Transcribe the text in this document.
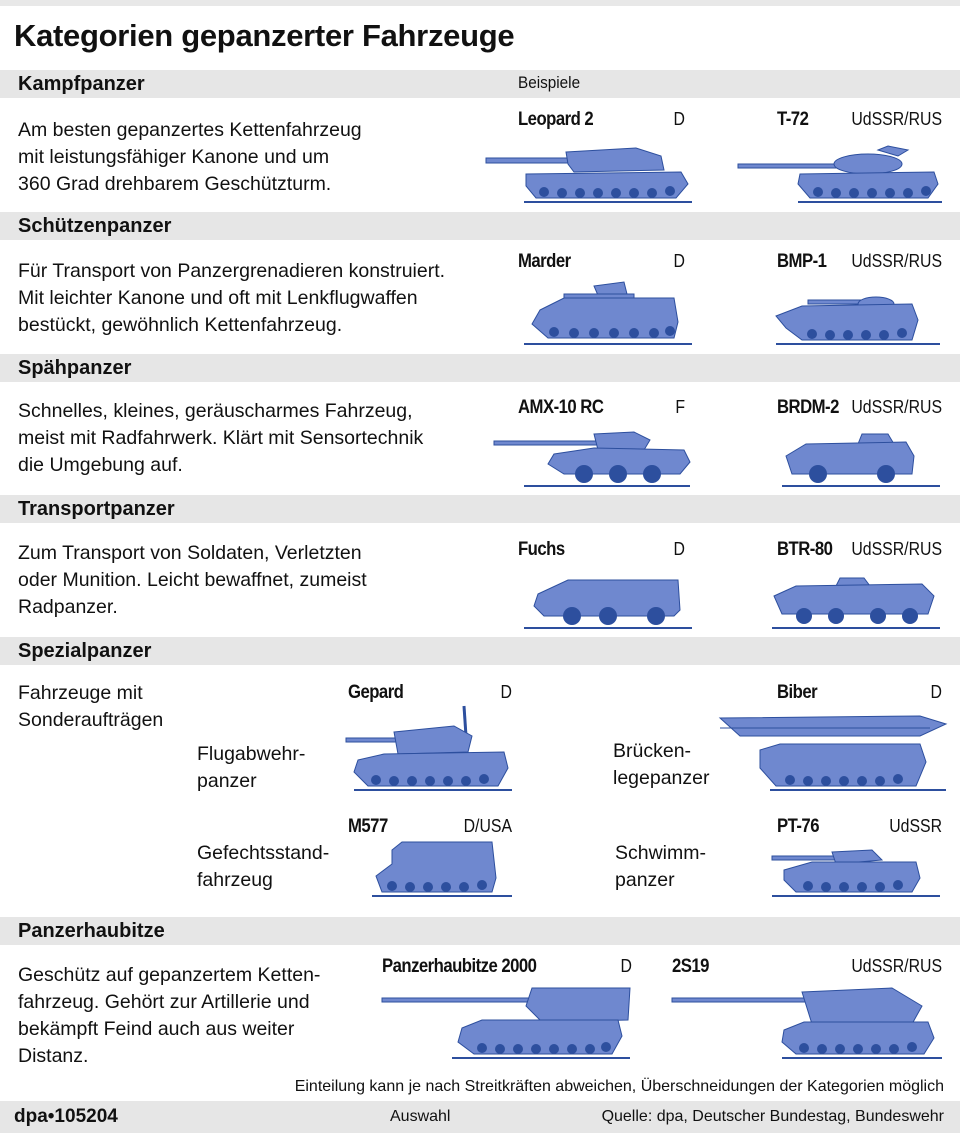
Kategorien gepanzerter Fahrzeuge
Kampfpanzer	Beispiele
Am besten gepanzertes Kettenfahrzeug
mit leistungsfähiger Kanone und um
360 Grad drehbarem Geschützturm.
Leopard 2	D	T-72 UdSSR/RUS
Schützenpanzer
Für Transport von Panzergrenadieren konstruiert.
Mit leichter Kanone und oft mit Lenkflugwaffen
bestückt, gewöhnlich Kettenfahrzeug.
Marder	D	BMP-1 UdSSR/RUS
Spähpanzer
Schnelles, kleines, geräuscharmes Fahrzeug,
meist mit Radfahrwerk. Klärt mit Sensortechnik
die Umgebung auf.
AMX-10 RC	F	BRDM-2 UdSSR/RUS
Transportpanzer
Zum Transport von Soldaten, Verletzten
oder Munition. Leicht bewaffnet, zumeist
Radpanzer.
Fuchs	D	BTR-80 UdSSR/RUS
Spezialpanzer
Fahrzeuge mit
Sonderaufträgen
Flugabwehr-
panzer
Gepard	D
Brücken-
legepanzer
Biber	D
Gefechtsstand-
fahrzeug
M577	D/USA
Schwimm-
panzer
PT-76	UdSSR
Panzerhaubitze
Geschütz auf gepanzertem Ketten-
fahrzeug. Gehört zur Artillerie und
bekämpft Feind auch aus weiter
Distanz.
Panzerhaubitze 2000	D 2S19	UdSSR/RUS
Einteilung kann je nach Streitkräften abweichen, Überschneidungen der Kategorien möglich
dpa•105204	Auswahl	Quelle: dpa, Deutscher Bundestag, Bundeswehr
